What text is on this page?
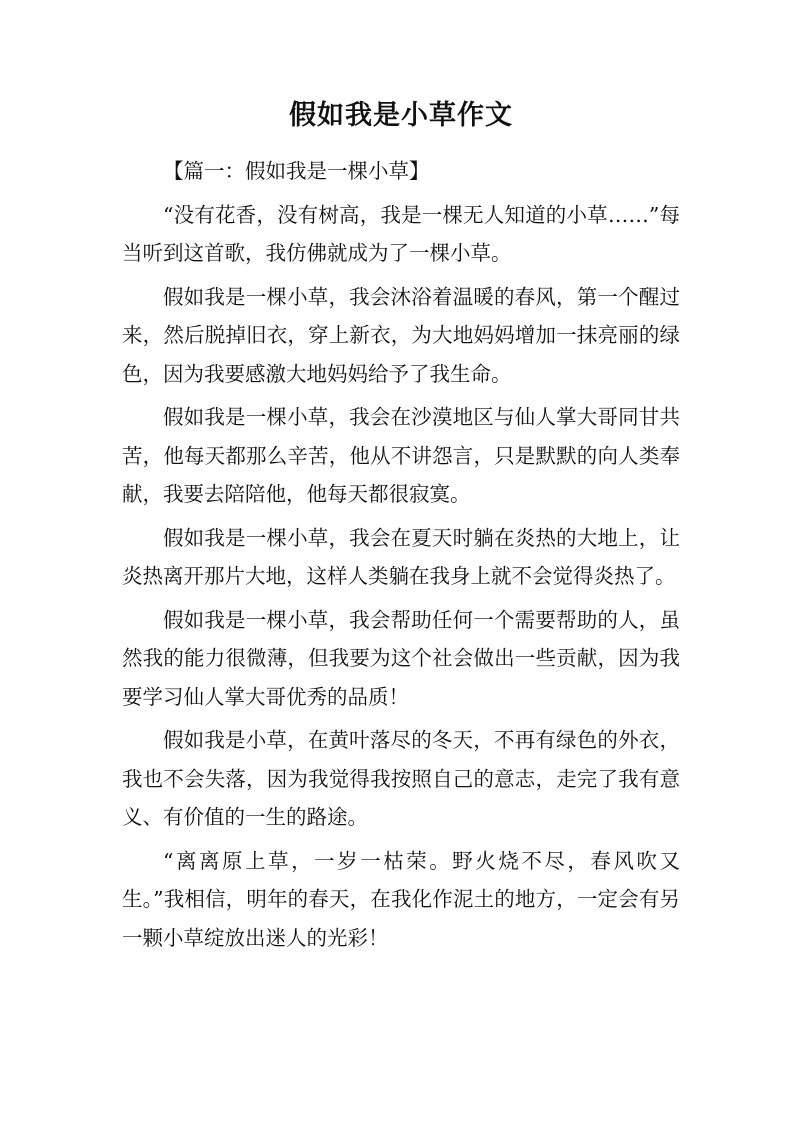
假如我是小草作文

【篇一：假如我是一棵小草】

“没有花香，没有树高，我是一棵无人知道的小草……”每当听到这首歌，我仿佛就成为了一棵小草。

假如我是一棵小草，我会沐浴着温暖的春风，第一个醒过来，然后脱掉旧衣，穿上新衣，为大地妈妈增加一抹亮丽的绿色，因为我要感激大地妈妈给予了我生命。

假如我是一棵小草，我会在沙漠地区与仙人掌大哥同甘共苦，他每天都那么辛苦，他从不讲怨言，只是默默的向人类奉献，我要去陪陪他，他每天都很寂寞。

假如我是一棵小草，我会在夏天时躺在炎热的大地上，让炎热离开那片大地，这样人类躺在我身上就不会觉得炎热了。

假如我是一棵小草，我会帮助任何一个需要帮助的人，虽然我的能力很微薄，但我要为这个社会做出一些贡献，因为我要学习仙人掌大哥优秀的品质！

假如我是小草，在黄叶落尽的冬天，不再有绿色的外衣，我也不会失落，因为我觉得我按照自己的意志，走完了我有意义、有价值的一生的路途。

“离离原上草，一岁一枯荣。野火烧不尽，春风吹又生。”我相信，明年的春天，在我化作泥土的地方，一定会有另一颗小草绽放出迷人的光彩！
